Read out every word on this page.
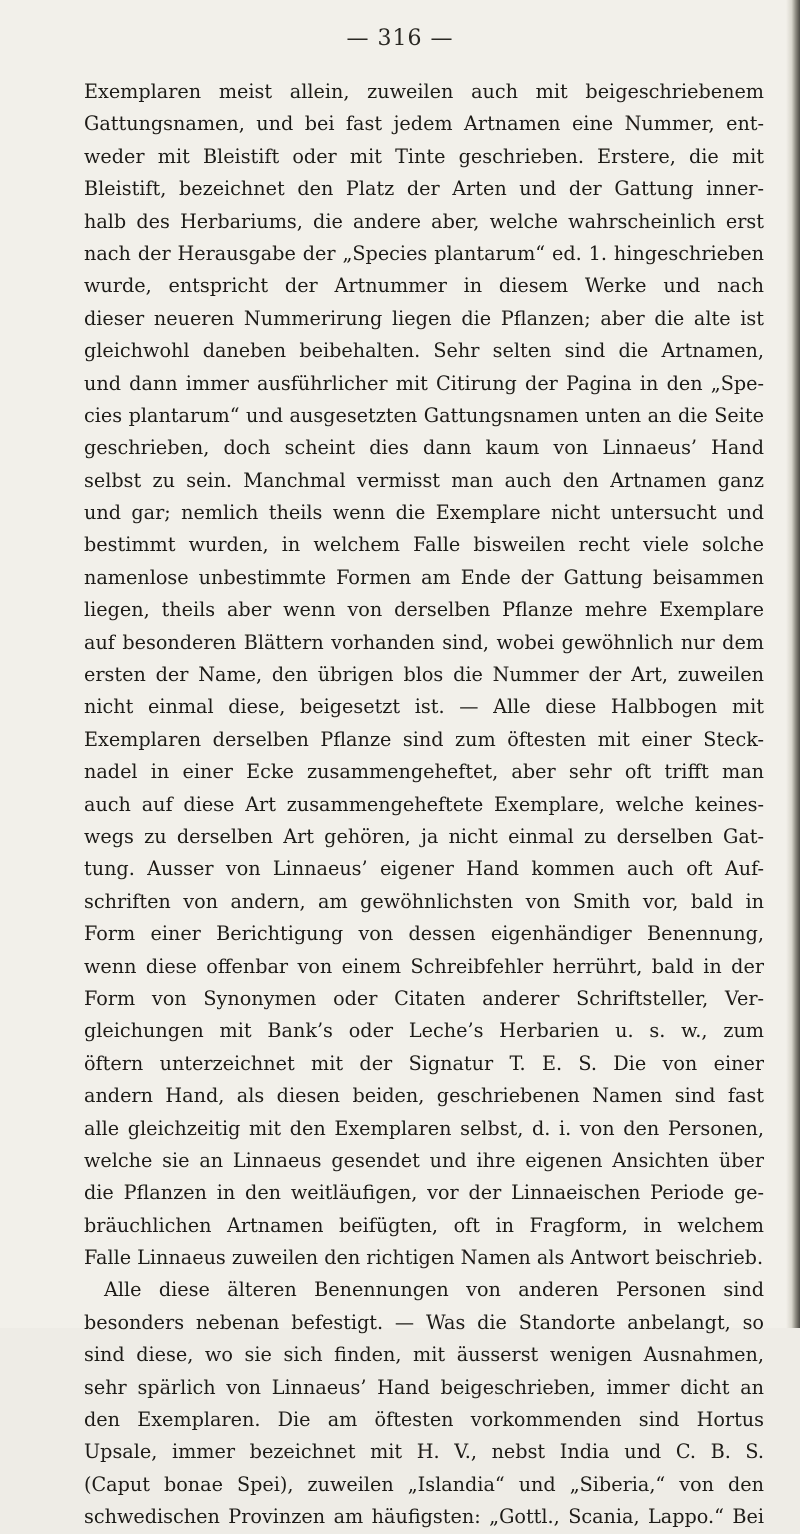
— 316 —
Exemplaren meist allein, zuweilen auch mit beigeschriebenem
Gattungsnamen, und bei fast jedem Artnamen eine Nummer, ent-
weder mit Bleistift oder mit Tinte geschrieben. Erstere, die mit
Bleistift, bezeichnet den Platz der Arten und der Gattung inner-
halb des Herbariums, die andere aber, welche wahrscheinlich erst
nach der Herausgabe der „Species plantarum“ ed. 1. hingeschrieben
wurde, entspricht der Artnummer in diesem Werke und nach
dieser neueren Nummerirung liegen die Pflanzen; aber die alte ist
gleichwohl daneben beibehalten. Sehr selten sind die Artnamen,
und dann immer ausführlicher mit Citirung der Pagina in den „Spe-
cies plantarum“ und ausgesetzten Gattungsnamen unten an die Seite
geschrieben, doch scheint dies dann kaum von Linnaeus’ Hand
selbst zu sein. Manchmal vermisst man auch den Artnamen ganz
und gar; nemlich theils wenn die Exemplare nicht untersucht und
bestimmt wurden, in welchem Falle bisweilen recht viele solche
namenlose unbestimmte Formen am Ende der Gattung beisammen
liegen, theils aber wenn von derselben Pflanze mehre Exemplare
auf besonderen Blättern vorhanden sind, wobei gewöhnlich nur dem
ersten der Name, den übrigen blos die Nummer der Art, zuweilen
nicht einmal diese, beigesetzt ist. — Alle diese Halbbogen mit
Exemplaren derselben Pflanze sind zum öftesten mit einer Steck-
nadel in einer Ecke zusammengeheftet, aber sehr oft trifft man
auch auf diese Art zusammengeheftete Exemplare, welche keines-
wegs zu derselben Art gehören, ja nicht einmal zu derselben Gat-
tung. Ausser von Linnaeus’ eigener Hand kommen auch oft Auf-
schriften von andern, am gewöhnlichsten von Smith vor, bald in
Form einer Berichtigung von dessen eigenhändiger Benennung,
wenn diese offenbar von einem Schreibfehler herrührt, bald in der
Form von Synonymen oder Citaten anderer Schriftsteller, Ver-
gleichungen mit Bank’s oder Leche’s Herbarien u. s. w., zum
öftern unterzeichnet mit der Signatur T. E. S. Die von einer
andern Hand, als diesen beiden, geschriebenen Namen sind fast
alle gleichzeitig mit den Exemplaren selbst, d. i. von den Personen,
welche sie an Linnaeus gesendet und ihre eigenen Ansichten über
die Pflanzen in den weitläufigen, vor der Linnaeischen Periode ge-
bräuchlichen Artnamen beifügten, oft in Fragform, in welchem
Falle Linnaeus zuweilen den richtigen Namen als Antwort beischrieb.
Alle diese älteren Benennungen von anderen Personen sind
besonders nebenan befestigt. — Was die Standorte anbelangt, so
sind diese, wo sie sich finden, mit äusserst wenigen Ausnahmen,
sehr spärlich von Linnaeus’ Hand beigeschrieben, immer dicht an
den Exemplaren. Die am öftesten vorkommenden sind Hortus
Upsale, immer bezeichnet mit H. V., nebst India und C. B. S.
(Caput bonae Spei), zuweilen „Islandia“ und „Siberia,“ von den
schwedischen Provinzen am häufigsten: „Gottl., Scania, Lappo.“ Bei
